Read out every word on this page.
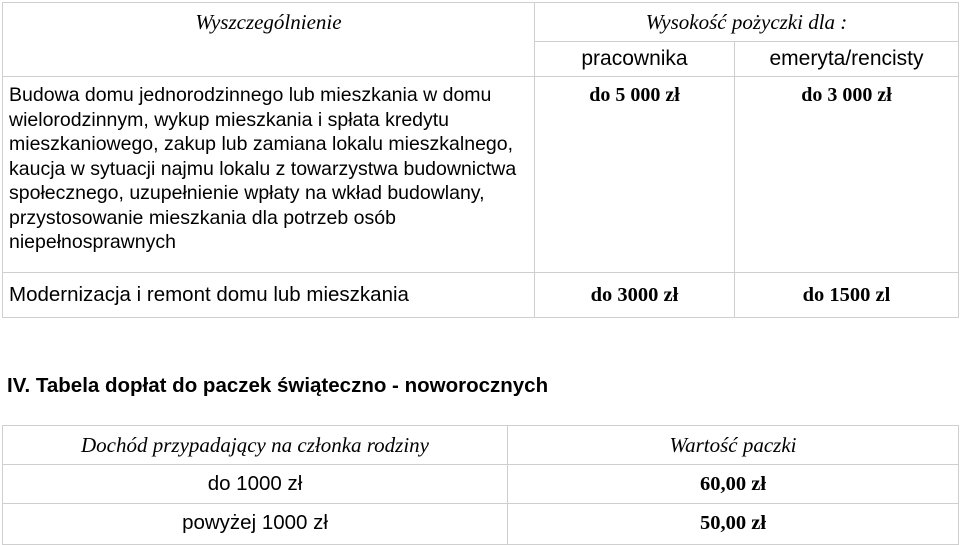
Wyszczególnienie	Wysokość pożyczki dla :	
	pracownika	emeryta/rencisty
Budowa domu jednorodzinnego lub mieszkania w domu wielorodzinnym, wykup mieszkania i spłata kredytu mieszkaniowego, zakup lub zamiana lokalu mieszkalnego, kaucja w sytuacji najmu lokalu z towarzystwa budownictwa społecznego, uzupełnienie wpłaty na wkład budowlany, przystosowanie mieszkania dla potrzeb osób niepełnosprawnych	do 5 000 zł	do 3 000 zł
Modernizacja i remont domu lub mieszkania	do 3000 zł	do 1500 zl
IV. Tabela dopłat do paczek świąteczno - noworocznych
Dochód przypadający na członka rodziny	Wartość paczki
do 1000 zł	60,00 zł
powyżej 1000 zł	50,00 zł
